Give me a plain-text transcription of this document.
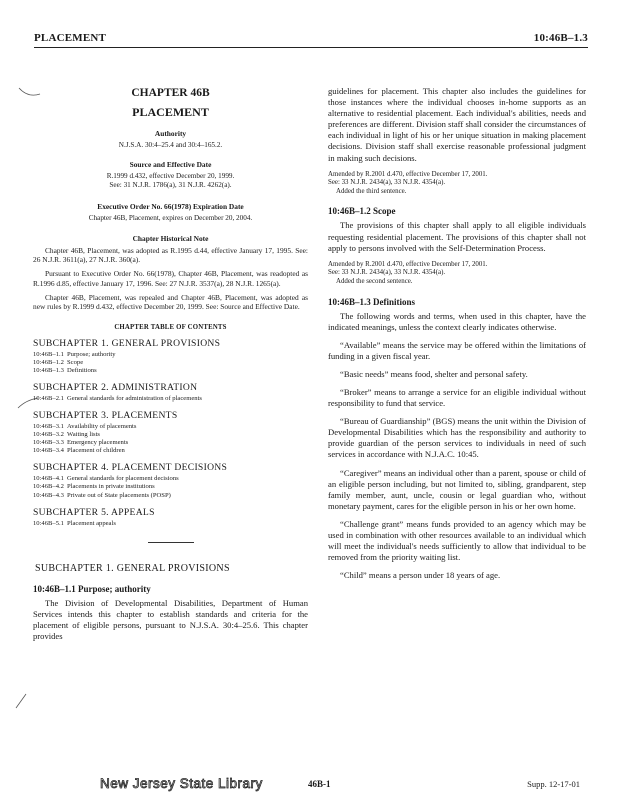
PLACEMENT	10:46B–1.3
CHAPTER 46B
PLACEMENT
Authority
N.J.S.A. 30:4–25.4 and 30:4–165.2.
Source and Effective Date
R.1999 d.432, effective December 20, 1999.
See: 31 N.J.R. 1786(a), 31 N.J.R. 4262(a).
Executive Order No. 66(1978) Expiration Date
Chapter 46B, Placement, expires on December 20, 2004.
Chapter Historical Note

Chapter 46B, Placement, was adopted as R.1995 d.44, effective January 17, 1995. See: 26 N.J.R. 3611(a), 27 N.J.R. 360(a).

Pursuant to Executive Order No. 66(1978), Chapter 46B, Placement, was readopted as R.1996 d.85, effective January 17, 1996. See: 27 N.J.R. 3537(a), 28 N.J.R. 1265(a).

Chapter 46B, Placement, was repealed and Chapter 46B, Placement, was adopted as new rules by R.1999 d.432, effective December 20, 1999. See: Source and Effective Date.

CHAPTER TABLE OF CONTENTS
SUBCHAPTER 1. GENERAL PROVISIONS
10:46B–1.1 Purpose; authority
10:46B–1.2 Scope
10:46B–1.3 Definitions
SUBCHAPTER 2. ADMINISTRATION
10:46B–2.1 General standards for administration of placements
SUBCHAPTER 3. PLACEMENTS
10:46B–3.1 Availability of placements
10:46B–3.2 Waiting lists
10:46B–3.3 Emergency placements
10:46B–3.4 Placement of children
SUBCHAPTER 4. PLACEMENT DECISIONS
10:46B–4.1 General standards for placement decisions
10:46B–4.2 Placements in private institutions
10:46B–4.3 Private out of State placements (POSP)
SUBCHAPTER 5. APPEALS
10:46B–5.1 Placement appeals
SUBCHAPTER 1. GENERAL PROVISIONS
10:46B–1.1 Purpose; authority

The Division of Developmental Disabilities, Department of Human Services intends this chapter to establish standards and criteria for the placement of eligible persons, pursuant to N.J.S.A. 30:4–25.6. This chapter provides

guidelines for placement. This chapter also includes the guidelines for those instances where the individual chooses in-home supports as an alternative to residential placement. Each individual's abilities, needs and preferences are different. Division staff shall consider the circumstances of each individual in light of his or her unique situation in making placement decisions. Division staff shall exercise reasonable professional judgment in making such decisions.

Amended by R.2001 d.470, effective December 17, 2001.
See: 33 N.J.R. 2434(a), 33 N.J.R. 4354(a).
Added the third sentence.
10:46B–1.2 Scope

The provisions of this chapter shall apply to all eligible individuals requesting residential placement. The provisions of this chapter shall not apply to persons involved with the Self-Determination Process.

Amended by R.2001 d.470, effective December 17, 2001.
See: 33 N.J.R. 2434(a), 33 N.J.R. 4354(a).
Added the second sentence.
10:46B–1.3 Definitions

The following words and terms, when used in this chapter, have the indicated meanings, unless the context clearly indicates otherwise.

“Available” means the service may be offered within the limitations of funding in a given fiscal year.

“Basic needs” means food, shelter and personal safety.

“Broker” means to arrange a service for an eligible individual without responsibility to fund that service.

“Bureau of Guardianship” (BGS) means the unit within the Division of Developmental Disabilities which has the responsibility and authority to provide guardian of the person services to individuals in need of such services in accordance with N.J.A.C. 10:45.

“Caregiver” means an individual other than a parent, spouse or child of an eligible person including, but not limited to, sibling, grandparent, step family member, aunt, uncle, cousin or legal guardian who, without monetary payment, cares for the eligible person in his or her own home.

“Challenge grant” means funds provided to an agency which may be used in combination with other resources available to an individual which will meet the individual's needs sufficiently to allow that individual to be removed from the priority waiting list.

“Child” means a person under 18 years of age.

New Jersey State Library	46B-1	Supp. 12-17-01
